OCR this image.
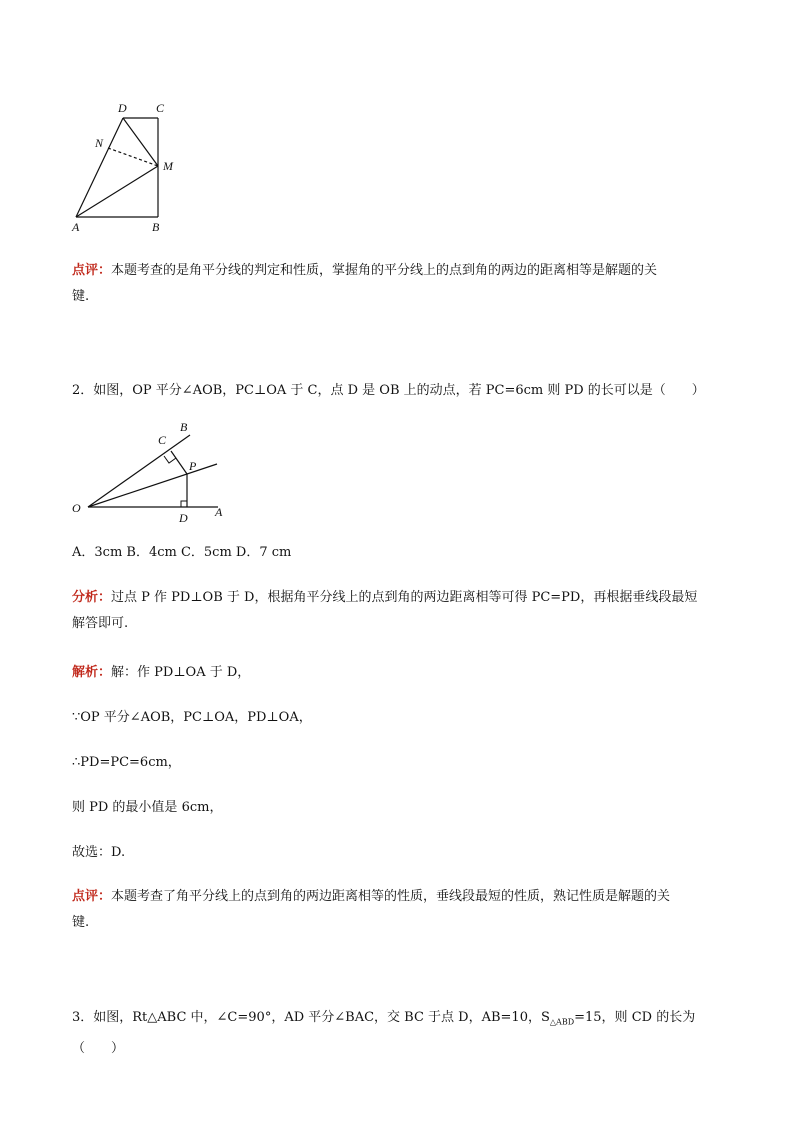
D C
N
M
A	B
点评：本题考查的是角平分线的判定和性质，掌握角的平分线上的点到角的两边的距离相等是解题的关
键.
2．如图，OP 平分∠AOB，PC⊥OA 于 C，点 D 是 OB 上的动点，若 PC=6cm 则 PD 的长可以是（　　）
O	A
B
C
P
D
A．3cm B．4cm C．5cm D．7 cm
分析：过点 P 作 PD⊥OB 于 D，根据角平分线上的点到角的两边距离相等可得 PC=PD，再根据垂线段最短
解答即可.
解析：解：作 PD⊥OA 于 D，
∵OP 平分∠AOB，PC⊥OA，PD⊥OA，
∴PD=PC=6cm，
则 PD 的最小值是 6cm，
故选：D.
点评：本题考查了角平分线上的点到角的两边距离相等的性质，垂线段最短的性质，熟记性质是解题的关
键.
3．如图，Rt△ABC 中，∠C=90°，AD 平分∠BAC，交 BC 于点 D，AB=10，$S_{\triangle ABD}=15$，则 CD 的长为（　　）
